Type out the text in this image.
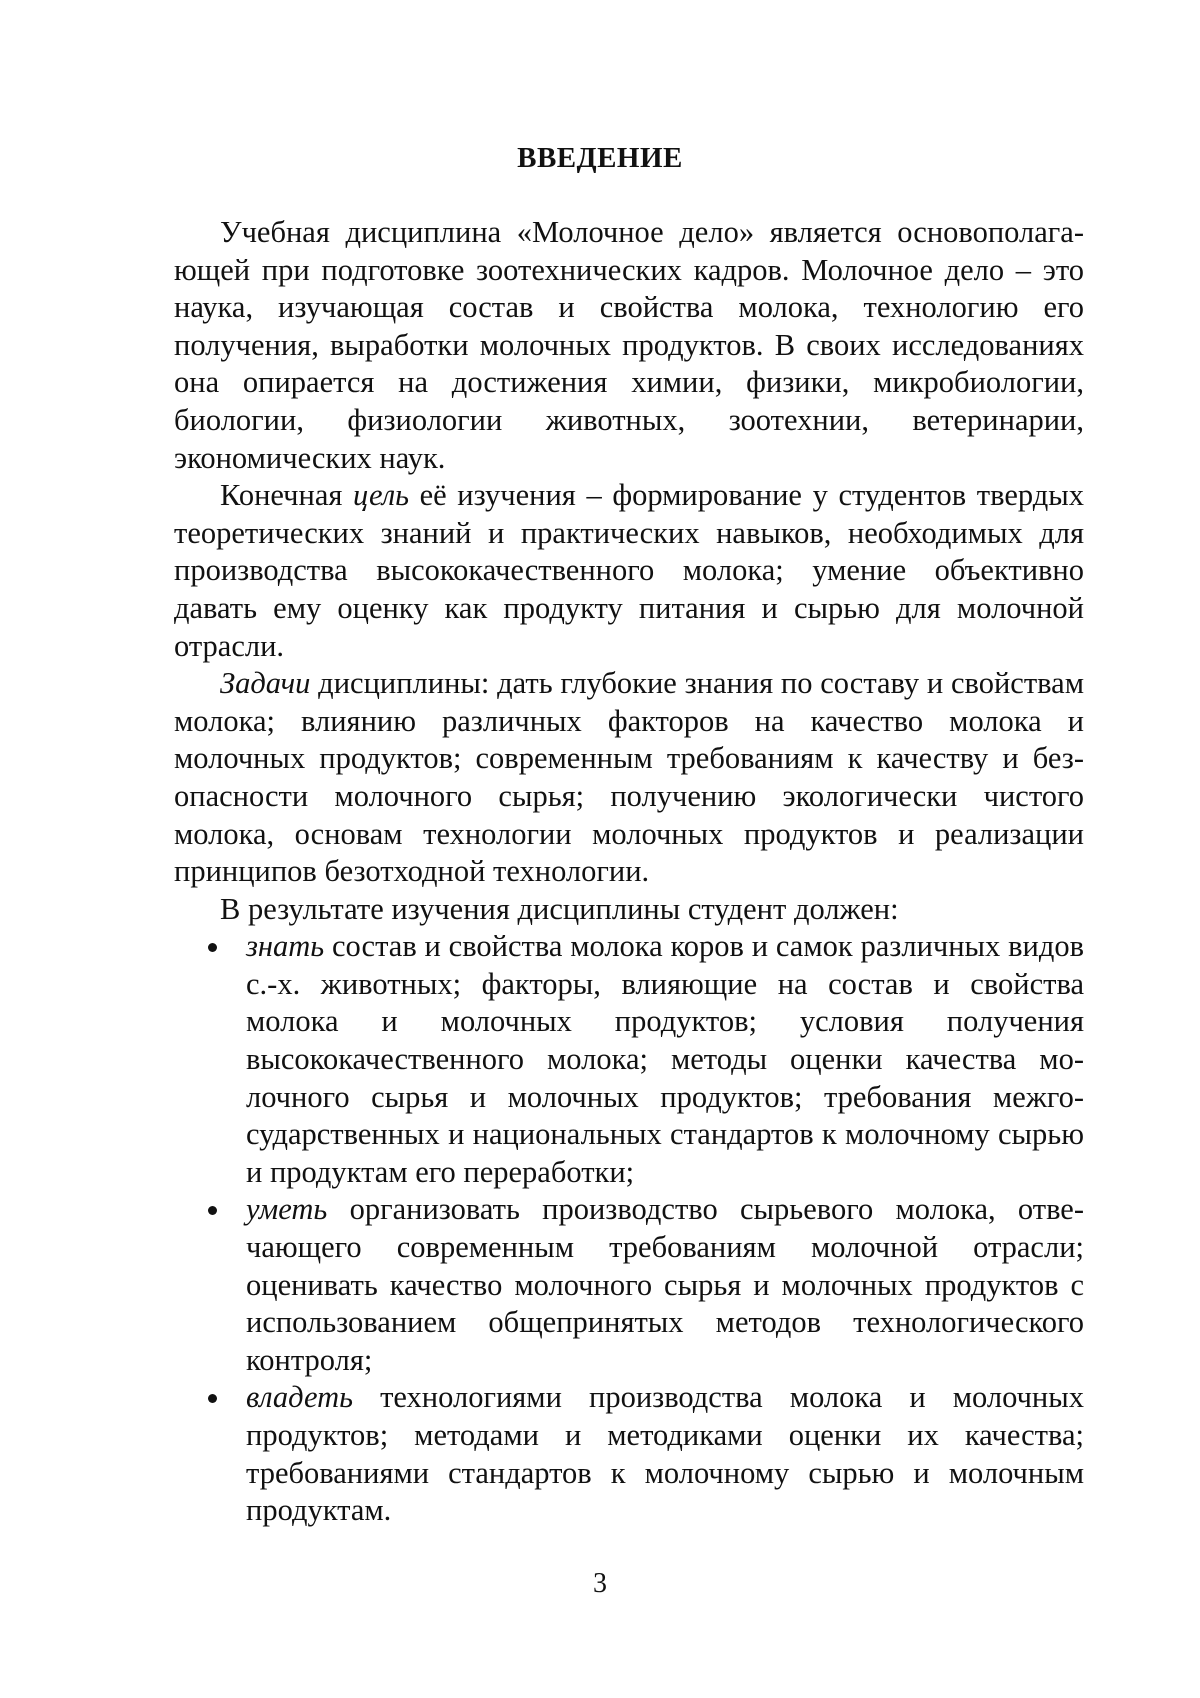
ВВЕДЕНИЕ

Учебная дисциплина «Молочное дело» является основополагающей при подготовке зоотехнических кадров. Молочное дело – это наука, изучающая состав и свойства молока, технологию его получения, выработки молочных продуктов. В своих исследованиях она опирается на достижения химии, физики, микробиологии, биологии, физиологии животных, зоотехнии, ветеринарии, экономических наук.

Конечная цель её изучения – формирование у студентов твердых теоретических знаний и практических навыков, необходимых для производства высококачественного молока; умение объективно давать ему оценку как продукту питания и сырью для молочной отрасли.

Задачи дисциплины: дать глубокие знания по составу и свойствам молока; влиянию различных факторов на качество молока и молочных продуктов; современным требованиям к качеству и безопасности молочного сырья; получению экологически чистого молока, основам технологии молочных продуктов и реализации принципов безотходной технологии.

В результате изучения дисциплины студент должен:

знать состав и свойства молока коров и самок различных видов с.-х. животных; факторы, влияющие на состав и свойства молока и молочных продуктов; условия получения высококачественного молока; методы оценки качества молочного сырья и молочных продуктов; требования межгосударственных и национальных стандартов к молочному сырью и продуктам его переработки;
уметь организовать производство сырьевого молока, отвечающего современным требованиям молочной отрасли; оценивать качество молочного сырья и молочных продуктов с использованием общепринятых методов технологического контроля;
владеть технологиями производства молока и молочных продуктов; методами и методиками оценки их качества; требованиями стандартов к молочному сырью и молочным продуктам.
3
